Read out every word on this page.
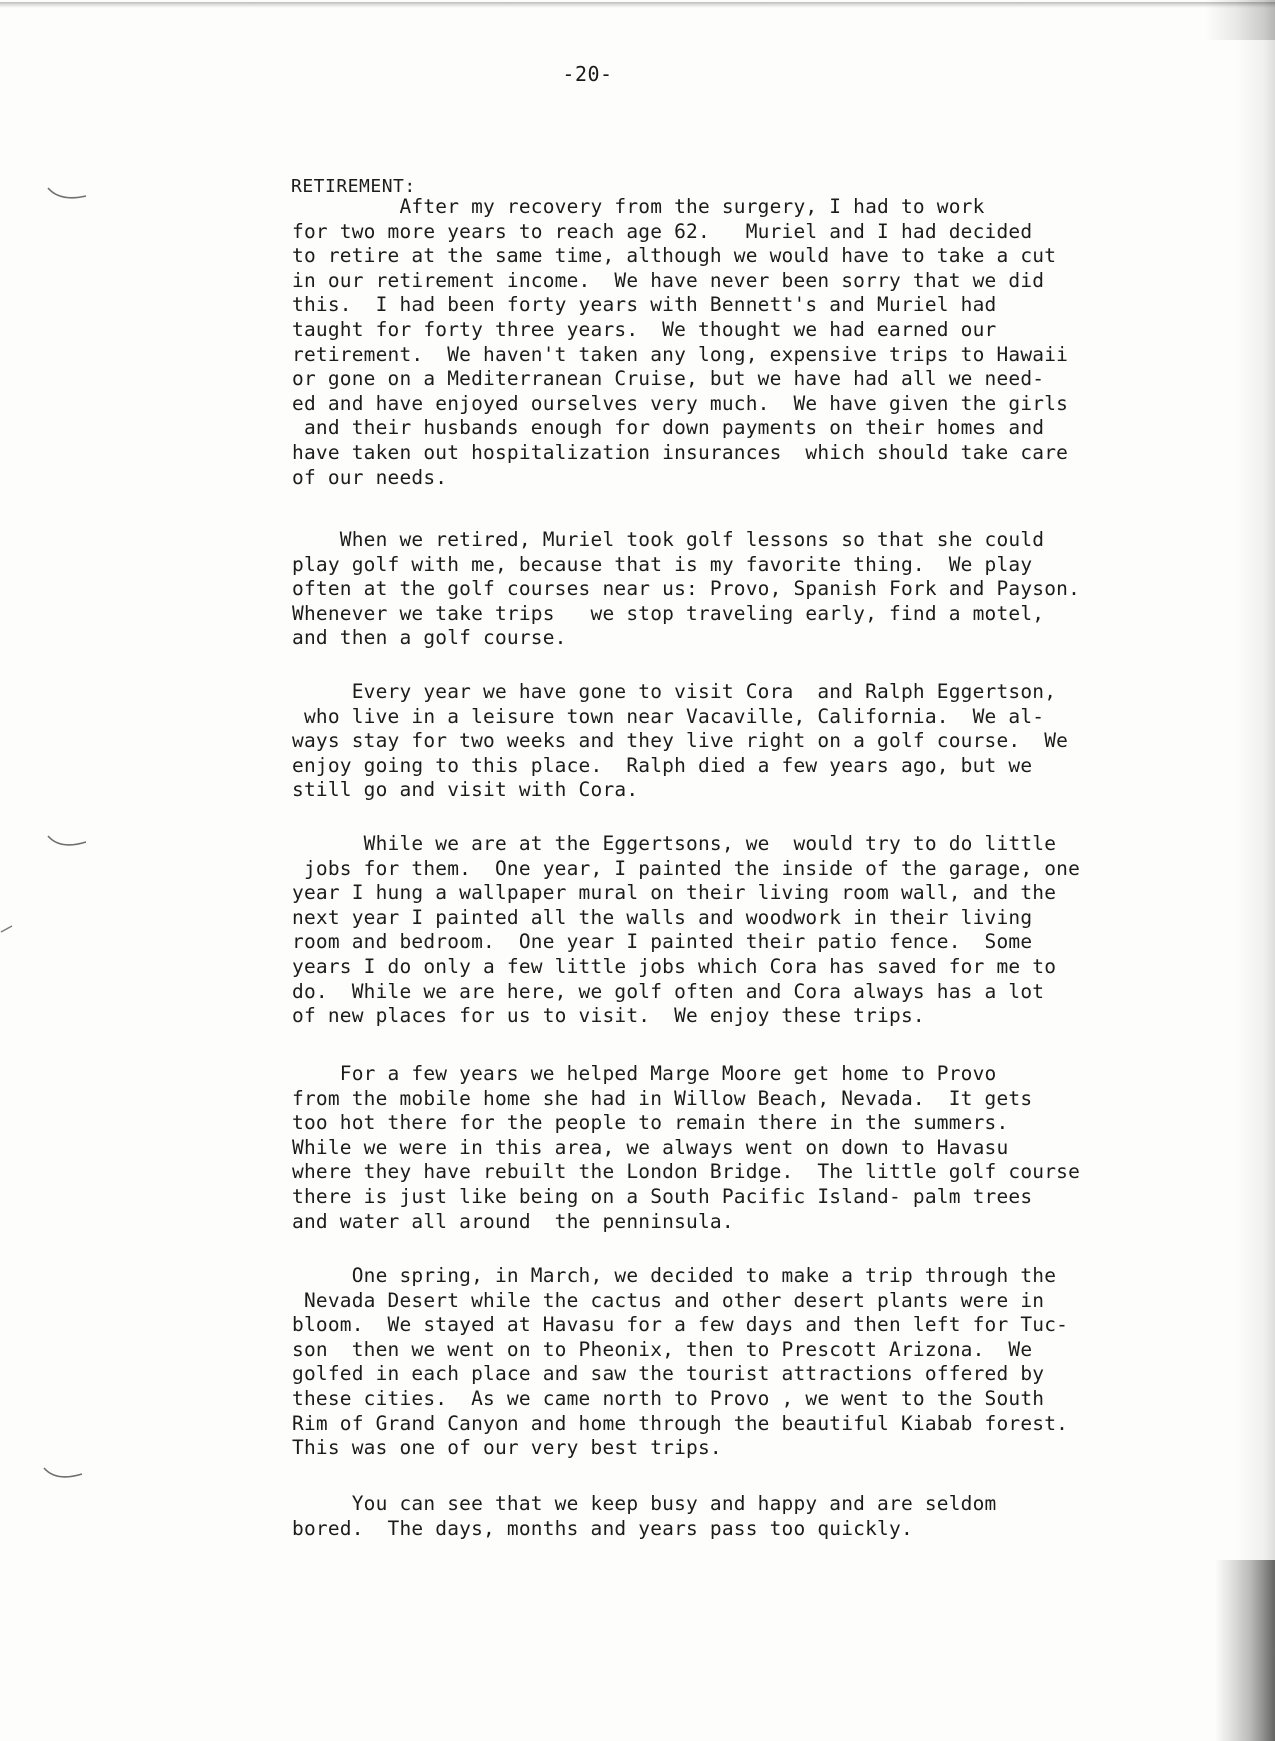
-20-
RETIREMENT:
After my recovery from the surgery, I had to work
for two more years to reach age 62.   Muriel and I had decided
to retire at the same time, although we would have to take a cut
in our retirement income.  We have never been sorry that we did
this.  I had been forty years with Bennett's and Muriel had
taught for forty three years.  We thought we had earned our
retirement.  We haven't taken any long, expensive trips to Hawaii
or gone on a Mediterranean Cruise, but we have had all we need-
ed and have enjoyed ourselves very much.  We have given the girls
and their husbands enough for down payments on their homes and
have taken out hospitalization insurances  which should take care
of our needs.
When we retired, Muriel took golf lessons so that she could
play golf with me, because that is my favorite thing.  We play
often at the golf courses near us: Provo, Spanish Fork and Payson.
Whenever we take trips   we stop traveling early, find a motel,
and then a golf course.
Every year we have gone to visit Cora  and Ralph Eggertson,
who live in a leisure town near Vacaville, California.  We al-
ways stay for two weeks and they live right on a golf course.  We
enjoy going to this place.  Ralph died a few years ago, but we
still go and visit with Cora.
While we are at the Eggertsons, we  would try to do little
jobs for them.  One year, I painted the inside of the garage, one
year I hung a wallpaper mural on their living room wall, and the
next year I painted all the walls and woodwork in their living
room and bedroom.  One year I painted their patio fence.  Some
years I do only a few little jobs which Cora has saved for me to
do.  While we are here, we golf often and Cora always has a lot
of new places for us to visit.  We enjoy these trips.
For a few years we helped Marge Moore get home to Provo
from the mobile home she had in Willow Beach, Nevada.  It gets
too hot there for the people to remain there in the summers.
While we were in this area, we always went on down to Havasu
where they have rebuilt the London Bridge.  The little golf course
there is just like being on a South Pacific Island- palm trees
and water all around  the penninsula.
One spring, in March, we decided to make a trip through the
Nevada Desert while the cactus and other desert plants were in
bloom.  We stayed at Havasu for a few days and then left for Tuc-
son  then we went on to Pheonix, then to Prescott Arizona.  We
golfed in each place and saw the tourist attractions offered by
these cities.  As we came north to Provo , we went to the South
Rim of Grand Canyon and home through the beautiful Kiabab forest.
This was one of our very best trips.
You can see that we keep busy and happy and are seldom
bored.  The days, months and years pass too quickly.
